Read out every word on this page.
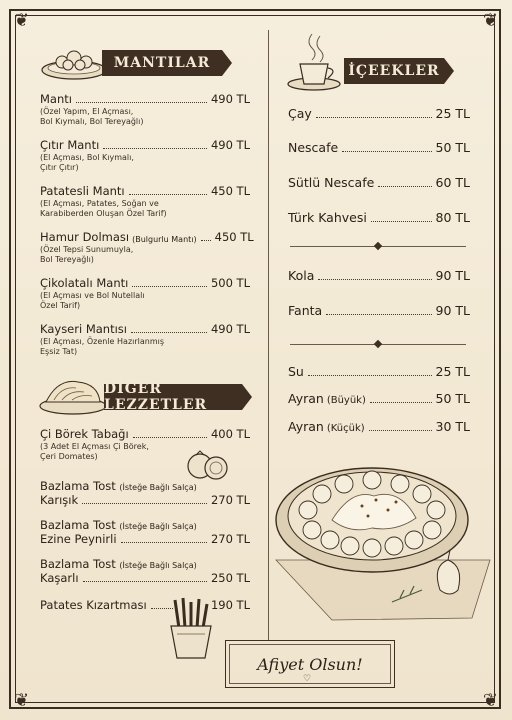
❦	❦
❦	❦
MANTILAR
Mantı	490 TL
(Özel Yapım, El Açması,
Bol Kıymalı, Bol Tereyağlı)
Çıtır Mantı	490 TL
(El Açması, Bol Kıymalı,
Çıtır Çıtır)
Patatesli Mantı	450 TL
(El Açması, Patates, Soğan ve
Karabiberden Oluşan Özel Tarif)
Hamur Dolması (Bulgurlu Mantı) 450 TL
(Özel Tepsi Sunumuyla,
Bol Tereyağlı)
Çikolatalı Mantı	500 TL
(El Açması ve Bol Nutellalı
Özel Tarif)
Kayseri Mantısı	490 TL
(El Açması, Özenle Hazırlanmış
Eşsiz Tat)
DİĞER LEZZETLER
Çi Börek Tabağı	400 TL
(3 Adet El Açması Çi Börek,
Çeri Domates)
Bazlama Tost (İsteğe Bağlı Salça)
Karışık	270 TL
Bazlama Tost (İsteğe Bağlı Salça)
Ezine Peynirli	270 TL
Bazlama Tost (İsteğe Bağlı Salça)
Kaşarlı	250 TL
Patates Kızartması	190 TL
İÇEEKLER
Çay	25 TL
Nescafe	50 TL
Sütlü Nescafe	60 TL
Türk Kahvesi	80 TL
Kola	90 TL
Fanta	90 TL
Su	25 TL
Ayran (Büyük)	50 TL
Ayran (Küçük)	30 TL
Afiyet Olsun!
♡
